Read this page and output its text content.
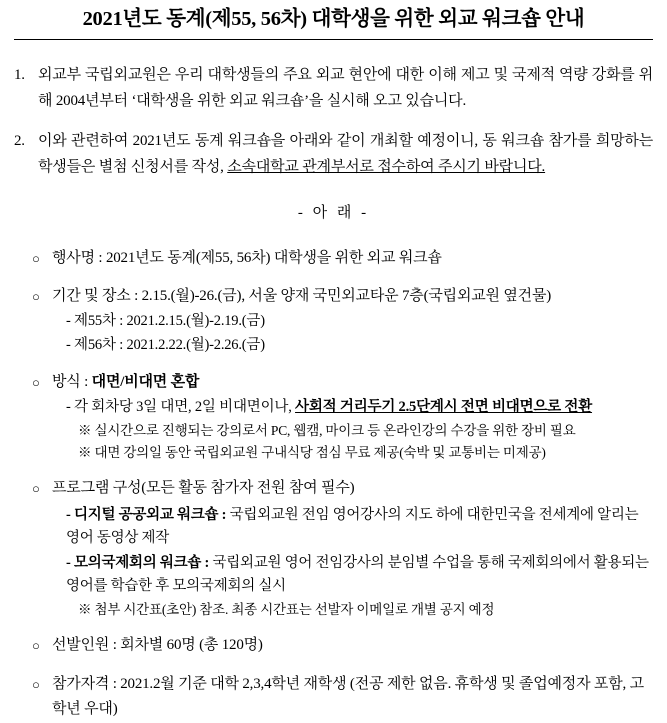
2021년도 동계(제55, 56차) 대학생을 위한 외교 워크숍 안내
1. 외교부 국립외교원은 우리 대학생들의 주요 외교 현안에 대한 이해 제고 및 국제적 역량 강화를 위해 2004년부터 ‘대학생을 위한 외교 워크숍’을 실시해 오고 있습니다.
2. 이와 관련하여 2021년도 동계 워크숍을 아래와 같이 개최할 예정이니, 동 워크숍 참가를 희망하는 학생들은 별첨 신청서를 작성, 소속대학교 관계부서로 접수하여 주시기 바랍니다.
- 아 래 -
○ 행사명 : 2021년도 동계(제55, 56차) 대학생을 위한 외교 워크숍
○ 기간 및 장소 : 2.15.(월)-26.(금), 서울 양재 국민외교타운 7층(국립외교원 옆건물)
- 제55차 : 2021.2.15.(월)-2.19.(금)
- 제56차 : 2021.2.22.(월)-2.26.(금)
○ 방식 : 대면/비대면 혼합
- 각 회차당 3일 대면, 2일 비대면이나, 사회적 거리두기 2.5단계시 전면 비대면으로 전환
※ 실시간으로 진행되는 강의로서 PC, 웹캠, 마이크 등 온라인강의 수강을 위한 장비 필요
※ 대면 강의일 동안 국립외교원 구내식당 점심 무료 제공(숙박 및 교통비는 미제공)
○ 프로그램 구성(모든 활동 참가자 전원 참여 필수)
- 디지털 공공외교 워크숍 : 국립외교원 전임 영어강사의 지도 하에 대한민국을 전세계에 알리는 영어 동영상 제작
- 모의국제회의 워크숍 : 국립외교원 영어 전임강사의 분임별 수업을 통해 국제회의에서 활용되는 영어를 학습한 후 모의국제회의 실시
※ 첨부 시간표(초안) 참조. 최종 시간표는 선발자 이메일로 개별 공지 예정
○ 선발인원 : 회차별 60명 (총 120명)
○ 참가자격 : 2021.2월 기준 대학 2,3,4학년 재학생 (전공 제한 없음. 휴학생 및 졸업예정자 포함, 고학년 우대)
